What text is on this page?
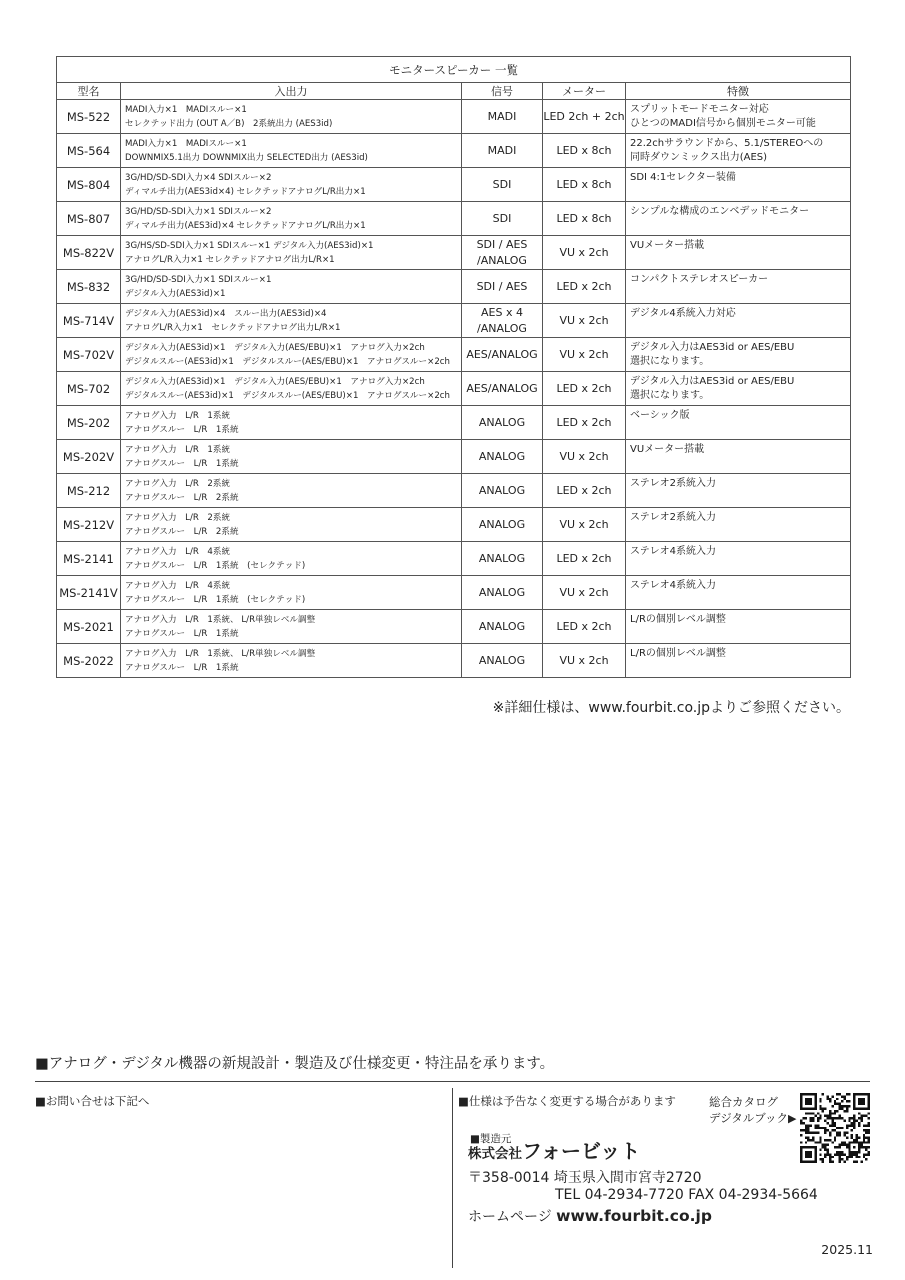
モニタースピーカー 一覧				
型名	入出力	信号	メーター	特徴
MS-522	MADI入力×1　MADIスルー×1
セレクテッド出力 (OUT A／B)　2系統出力 (AES3id)	MADI	LED 2ch + 2ch	スプリットモードモニター対応
ひとつのMADI信号から個別モニター可能

MS-564	MADI入力×1　MADIスルー×1
DOWNMIX5.1出力 DOWNMIX出力 SELECTED出力 (AES3id)	MADI	LED x 8ch	22.2chサラウンドから、5.1/STEREOへの
同時ダウンミックス出力(AES)

MS-804	3G/HD/SD-SDI入力×4 SDIスルー×2
ディマルチ出力(AES3id×4) セレクテッドアナログL/R出力×1	SDI	LED x 8ch	SDI 4:1セレクター装備

MS-807	3G/HD/SD-SDI入力×1 SDIスルー×2
ディマルチ出力(AES3id)×4 セレクテッドアナログL/R出力×1	SDI	LED x 8ch	シンプルな構成のエンベデッドモニター

MS-822V	3G/HS/SD-SDI入力×1 SDIスルー×1 デジタル入力(AES3id)×1
アナログL/R入力×1 セレクテッドアナログ出力L/R×1	SDI / AES
/ANALOG	VU x 2ch	VUメーター搭載

MS-832	3G/HD/SD-SDI入力×1 SDIスルー×1
デジタル入力(AES3id)×1	SDI / AES	LED x 2ch	コンパクトステレオスピーカー

MS-714V	デジタル入力(AES3id)×4　スルー出力(AES3id)×4
アナログL/R入力×1　セレクテッドアナログ出力L/R×1	AES x 4
/ANALOG	VU x 2ch	デジタル4系統入力対応

MS-702V	デジタル入力(AES3id)×1　デジタル入力(AES/EBU)×1　アナログ入力×2ch
デジタルスルー(AES3id)×1　デジタルスルー(AES/EBU)×1　アナログスルー×2ch	AES/ANALOG	VU x 2ch	デジタル入力はAES3id or AES/EBU
選択になります。

MS-702	デジタル入力(AES3id)×1　デジタル入力(AES/EBU)×1　アナログ入力×2ch
デジタルスルー(AES3id)×1　デジタルスルー(AES/EBU)×1　アナログスルー×2ch	AES/ANALOG	LED x 2ch	デジタル入力はAES3id or AES/EBU
選択になります。

MS-202	アナログ入力　L/R　1系統
アナログスルー　L/R　1系統	ANALOG	LED x 2ch	ベーシック版

MS-202V	アナログ入力　L/R　1系統
アナログスルー　L/R　1系統	ANALOG	VU x 2ch	VUメーター搭載

MS-212	アナログ入力　L/R　2系統
アナログスルー　L/R　2系統	ANALOG	LED x 2ch	ステレオ2系統入力

MS-212V	アナログ入力　L/R　2系統
アナログスルー　L/R　2系統	ANALOG	VU x 2ch	ステレオ2系統入力

MS-2141	アナログ入力　L/R　4系統
アナログスルー　L/R　1系統　(セレクテッド)	ANALOG	LED x 2ch	ステレオ4系統入力

MS-2141V	アナログ入力　L/R　4系統
アナログスルー　L/R　1系統　(セレクテッド)	ANALOG	VU x 2ch	ステレオ4系統入力

MS-2021	アナログ入力　L/R　1系統、 L/R単独レベル調整
アナログスルー　L/R　1系統	ANALOG	LED x 2ch	L/Rの個別レベル調整

MS-2022	アナログ入力　L/R　1系統、 L/R単独レベル調整
アナログスルー　L/R　1系統	ANALOG	VU x 2ch	L/Rの個別レベル調整
※詳細仕様は、www.fourbit.co.jpよりご参照ください。
■アナログ・デジタル機器の新規設計・製造及び仕様変更・特注品を承ります。
■お問い合せは下記へ	■仕様は予告なく変更する場合があります	総合カタログ
デジタルブック▶
■製造元
株式会社フォービット
〒358-0014 埼玉県入間市宮寺2720
TEL 04-2934-7720 FAX 04-2934-5664
ホームページ www.fourbit.co.jp
2025.11
